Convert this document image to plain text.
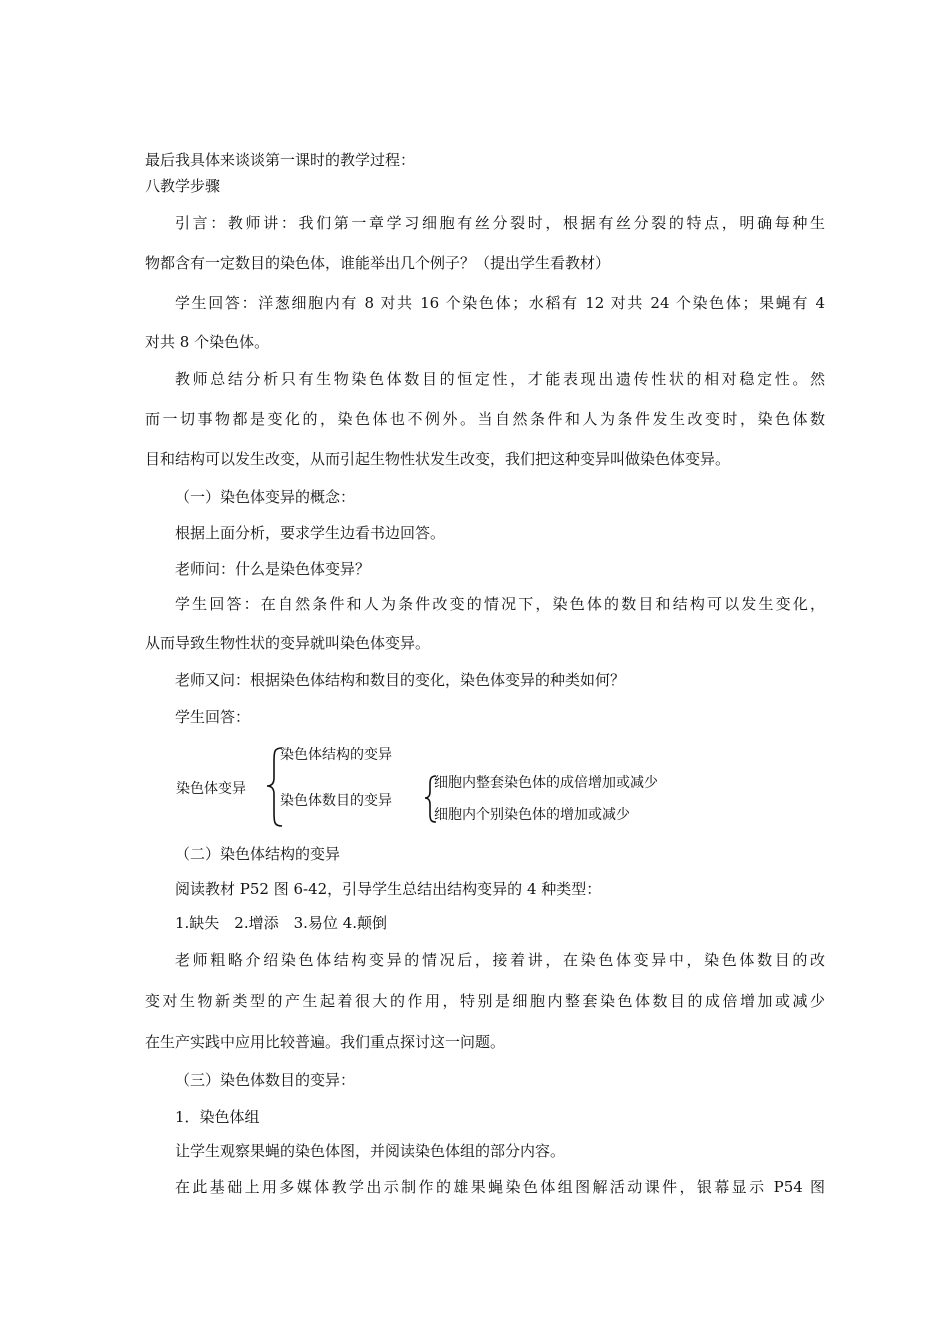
最后我具体来谈谈第一课时的教学过程：
八教学步骤
引言：教师讲：我们第一章学习细胞有丝分裂时，根据有丝分裂的特点，明确每种生
物都含有一定数目的染色体，谁能举出几个例子？（提出学生看教材）
学生回答：洋葱细胞内有 8 对共 16 个染色体；水稻有 12 对共 24 个染色体；果蝇有 4
对共 8 个染色体。
教师总结分析只有生物染色体数目的恒定性，才能表现出遗传性状的相对稳定性。然
而一切事物都是变化的，染色体也不例外。当自然条件和人为条件发生改变时，染色体数
目和结构可以发生改变，从而引起生物性状发生改变，我们把这种变异叫做染色体变异。
（一）染色体变异的概念：
根据上面分析，要求学生边看书边回答。
老师问：什么是染色体变异？
学生回答：在自然条件和人为条件改变的情况下，染色体的数目和结构可以发生变化，
从而导致生物性状的变异就叫染色体变异。
老师又问：根据染色体结构和数目的变化，染色体变异的种类如何？
学生回答：
染色体变异
染色体结构的变异
染色体数目的变异
细胞内整套染色体的成倍增加或减少
细胞内个别染色体的增加或减少
（二）染色体结构的变异
阅读教材 P52 图 6-42，引导学生总结出结构变异的 4 种类型：
1.缺失　2.增添　3.易位 4.颠倒
老师粗略介绍染色体结构变异的情况后，接着讲，在染色体变异中，染色体数目的改
变对生物新类型的产生起着很大的作用，特别是细胞内整套染色体数目的成倍增加或减少
在生产实践中应用比较普遍。我们重点探讨这一问题。
（三）染色体数目的变异：
1．染色体组
让学生观察果蝇的染色体图，并阅读染色体组的部分内容。
在此基础上用多媒体教学出示制作的雄果蝇染色体组图解活动课件，银幕显示 P54 图
